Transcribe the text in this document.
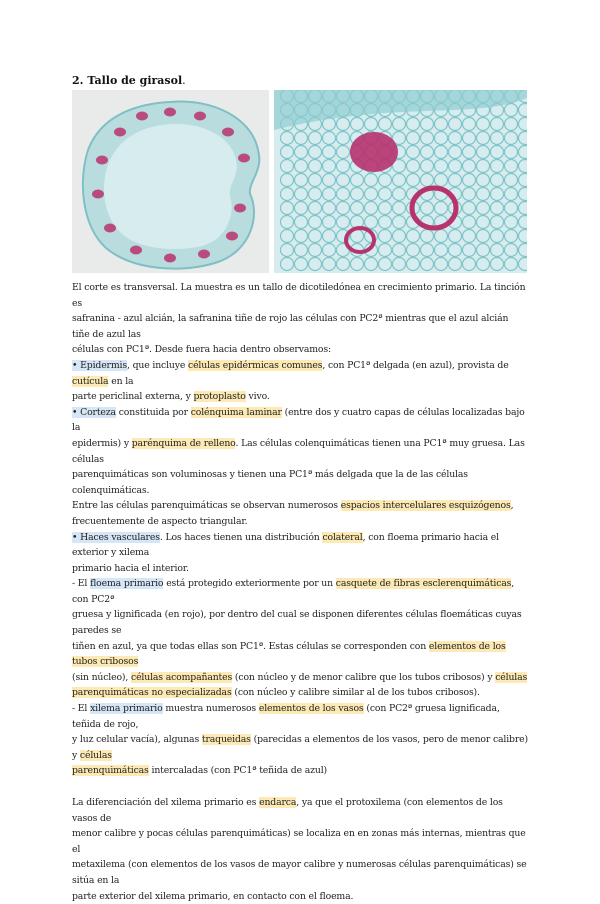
2. Tallo de girasol.

El corte es transversal. La muestra es un tallo de dicotiledónea en crecimiento primario. La tinción es
safranina - azul alcián, la safranina tiñe de rojo las células con PC2ª mientras que el azul alcián tiñe de azul las
células con PC1ª. Desde fuera hacia dentro observamos:

• Epidermis, que incluye células epidérmicas comunes, con PC1ª delgada (en azul), provista de cutícula en la
parte periclinal externa, y protoplasto vivo.

• Corteza constituida por colénquima laminar (entre dos y cuatro capas de células localizadas bajo la
epidermis) y parénquima de relleno. Las células colenquimáticas tienen una PC1ª muy gruesa. Las células
parenquimáticas son voluminosas y tienen una PC1ª más delgada que la de las células colenquimáticas.
Entre las células parenquimáticas se observan numerosos espacios intercelulares esquizógenos,
frecuentemente de aspecto triangular.

• Haces vasculares. Los haces tienen una distribución colateral, con floema primario hacia el exterior y xilema
primario hacia el interior.

- El floema primario está protegido exteriormente por un casquete de fibras esclerenquimáticas, con PC2ª
gruesa y lignificada (en rojo), por dentro del cual se disponen diferentes células floemáticas cuyas paredes se
tiñen en azul, ya que todas ellas son PC1ª. Estas células se corresponden con elementos de los tubos cribosos
(sin núcleo), células acompañantes (con núcleo y de menor calibre que los tubos cribosos) y células
parenquimáticas no especializadas (con núcleo y calibre similar al de los tubos cribosos).

- El xilema primario muestra numerosos elementos de los vasos (con PC2ª gruesa lignificada, teñida de rojo,
y luz celular vacía), algunas traqueidas (parecidas a elementos de los vasos, pero de menor calibre) y células
parenquimáticas intercaladas (con PC1ª teñida de azul)

La diferenciación del xilema primario es endarca, ya que el protoxilema (con elementos de los vasos de
menor calibre y pocas células parenquimáticas) se localiza en en zonas más internas, mientras que el
metaxilema (con elementos de los vasos de mayor calibre y numerosas células parenquimáticas) se sitúa en la
parte exterior del xilema primario, en contacto con el floema.
